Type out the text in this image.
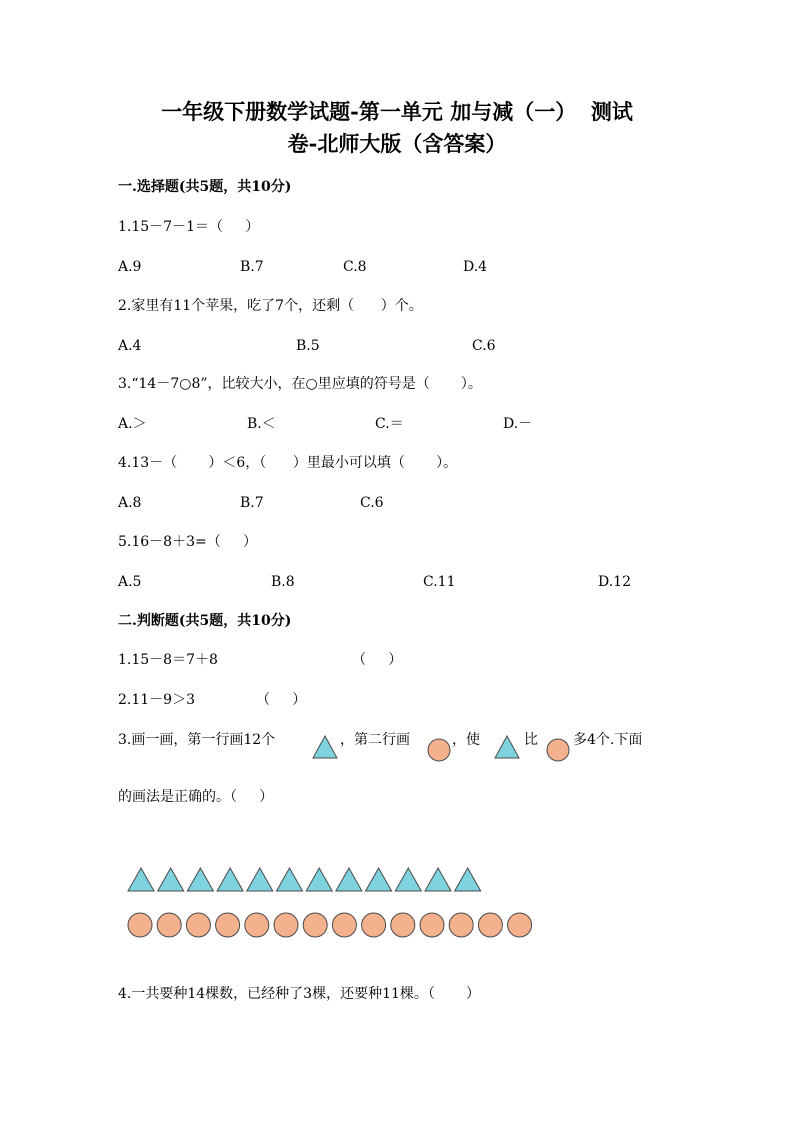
一年级下册数学试题-第一单元 加与减（一）  测试
卷-北师大版（含答案）
一.选择题(共5题，共10分)
1.15－7－1＝（     ）
A.9	B.7	C.8	D.4
2.家里有11个苹果，吃了7个，还剩（      ）个。
A.4	B.5	C.6
3.“14－7○8”，比较大小，在○里应填的符号是（       ）。
A.＞	B.＜	C.＝	D.－
4.13－（       ）＜6，（      ）里最小可以填（       ）。
A.8	B.7	C.6
5.16－8＋3=（     ）
A.5	B.8	C.11	D.12
二.判断题(共5题，共10分)
1.15－8＝7＋8	（     ）
2.11－9＞3	（     ）
3.画一画，第一行画12个	，第二行画	，使	比	多4个.下面
的画法是正确的。（     ）
4.一共要种14棵数，已经种了3棵，还要种11棵。（       ）
